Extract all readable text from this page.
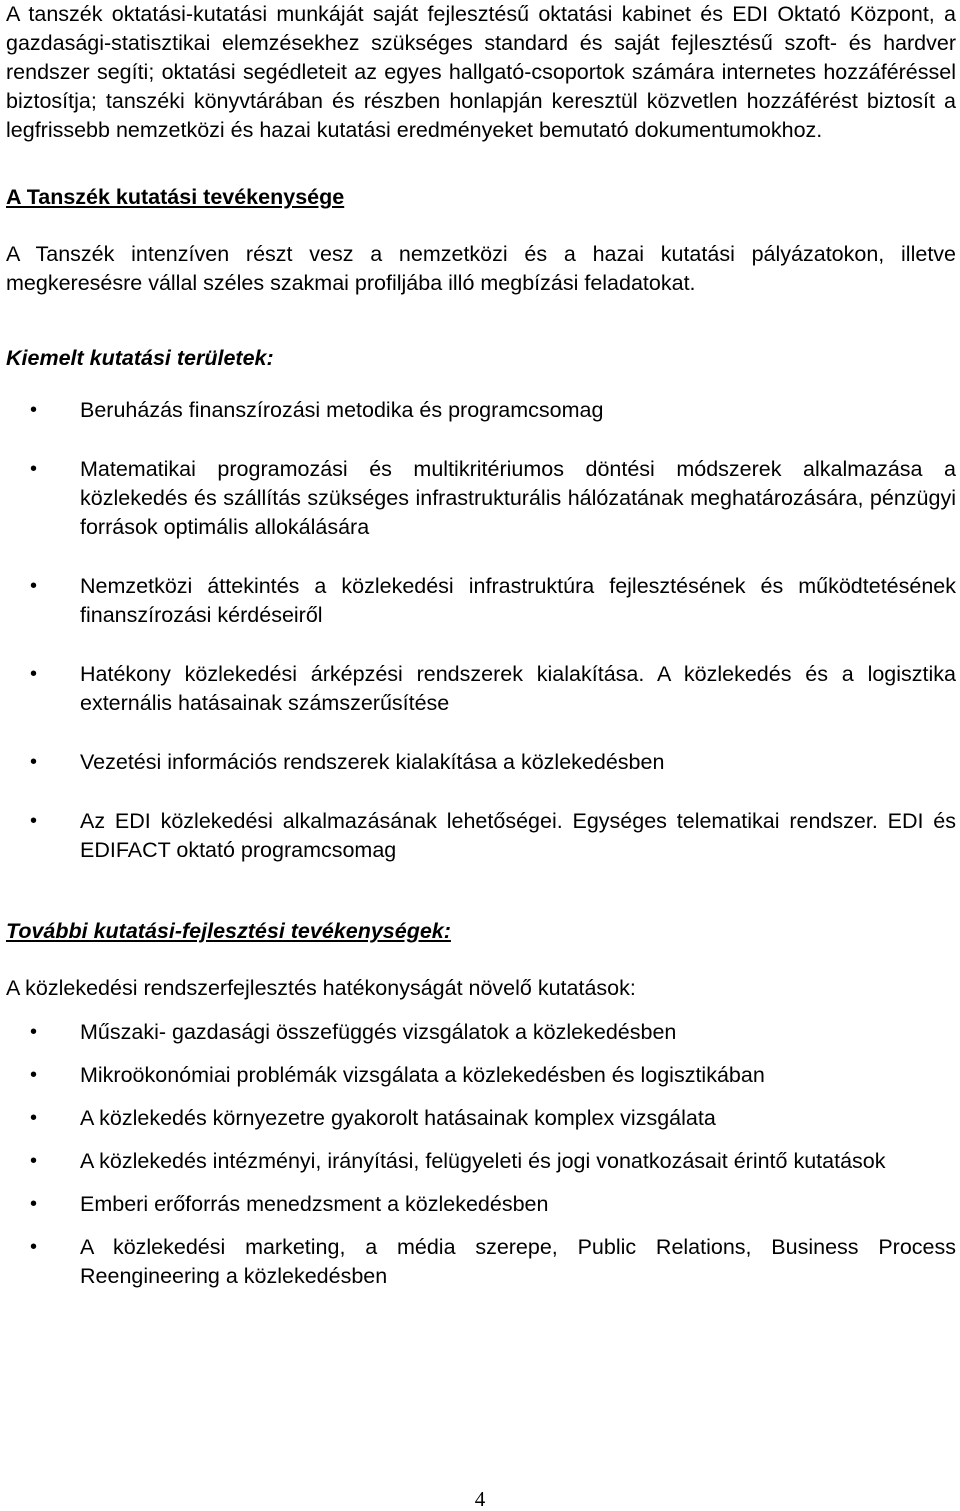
A tanszék oktatási-kutatási munkáját saját fejlesztésű oktatási kabinet és EDI Oktató Központ, a gazdasági-statisztikai elemzésekhez szükséges standard és saját fejlesztésű szoft- és hardver rendszer segíti; oktatási segédleteit az egyes hallgató-csoportok számára internetes hozzáféréssel biztosítja; tanszéki könyvtárában és részben honlapján keresztül közvetlen hozzáférést biztosít a legfrissebb nemzetközi és hazai kutatási eredményeket bemutató dokumentumokhoz.

A Tanszék kutatási tevékenysége

A Tanszék intenzíven részt vesz a nemzetközi és a hazai kutatási pályázatokon, illetve megkeresésre vállal széles szakmai profiljába illó megbízási feladatokat.

Kiemelt kutatási területek:
• Beruházás finanszírozási metodika és programcsomag
• Matematikai programozási és multikritériumos döntési módszerek alkalmazása a közlekedés és szállítás szükséges infrastrukturális hálózatának meghatározására, pénzügyi források optimális allokálására
• Nemzetközi áttekintés a közlekedési infrastruktúra fejlesztésének és működtetésének finanszírozási kérdéseiről
• Hatékony közlekedési árképzési rendszerek kialakítása. A közlekedés és a logisztika externális hatásainak számszerűsítése
• Vezetési információs rendszerek kialakítása a közlekedésben
• Az EDI közlekedési alkalmazásának lehetőségei. Egységes telematikai rendszer. EDI és EDIFACT oktató programcsomag
További kutatási-fejlesztési tevékenységek:

A közlekedési rendszerfejlesztés hatékonyságát növelő kutatások:

• Műszaki- gazdasági összefüggés vizsgálatok a közlekedésben
• Mikroökonómiai problémák vizsgálata a közlekedésben és logisztikában
• A közlekedés környezetre gyakorolt hatásainak komplex vizsgálata
• A közlekedés intézményi, irányítási, felügyeleti és jogi vonatkozásait érintő kutatások
• Emberi erőforrás menedzsment a közlekedésben
• A közlekedési marketing, a média szerepe, Public Relations, Business Process Reengineering a közlekedésben
4
